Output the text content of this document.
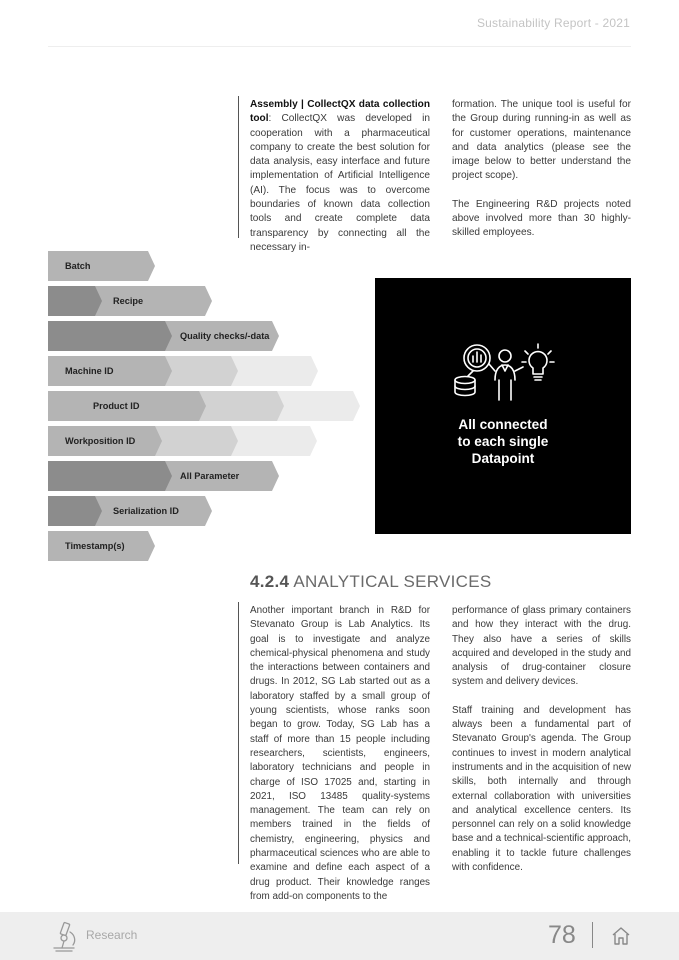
Sustainability Report - 2021

Assembly | CollectQX data collection tool: CollectQX was developed in cooperation with a pharmaceutical company to create the best solution for data analysis, easy interface and future implementation of Artificial Intelligence (AI). The focus was to overcome boundaries of known data collection tools and create complete data transparency by connecting all the necessary in-

formation. The unique tool is useful for the Group during running-in as well as for customer operations, maintenance and data analytics (please see the image below to better understand the project scope).

The Engineering R&D projects noted above involved more than 30 highly-skilled employees.

Batch
Recipe
Quality checks/-data
Machine ID
Product ID
Workposition ID
All Parameter
Serialization ID
Timestamp(s)
All connected
to each single
Datapoint
4.2.4 ANALYTICAL SERVICES

Another important branch in R&D for Stevanato Group is Lab Analytics. Its goal is to investigate and analyze chemical-physical phenomena and study the interactions between containers and drugs. In 2012, SG Lab started out as a laboratory staffed by a small group of young scientists, whose ranks soon began to grow. Today, SG Lab has a staff of more than 15 people including researchers, scientists, engineers, laboratory technicians and people in charge of ISO 17025 and, starting in 2021, ISO 13485 quality-systems management. The team can rely on members trained in the fields of chemistry, engineering, physics and pharmaceutical sciences who are able to examine and define each aspect of a drug product. Their knowledge ranges from add-on components to the

performance of glass primary containers and how they interact with the drug. They also have a series of skills acquired and developed in the study and analysis of drug-container closure system and delivery devices.

Staff training and development has always been a fundamental part of Stevanato Group's agenda. The Group continues to invest in modern analytical instruments and in the acquisition of new skills, both internally and through external collaboration with universities and analytical excellence centers. Its personnel can rely on a solid knowledge base and a technical-scientific approach, enabling it to tackle future challenges with confidence.

Research	78
